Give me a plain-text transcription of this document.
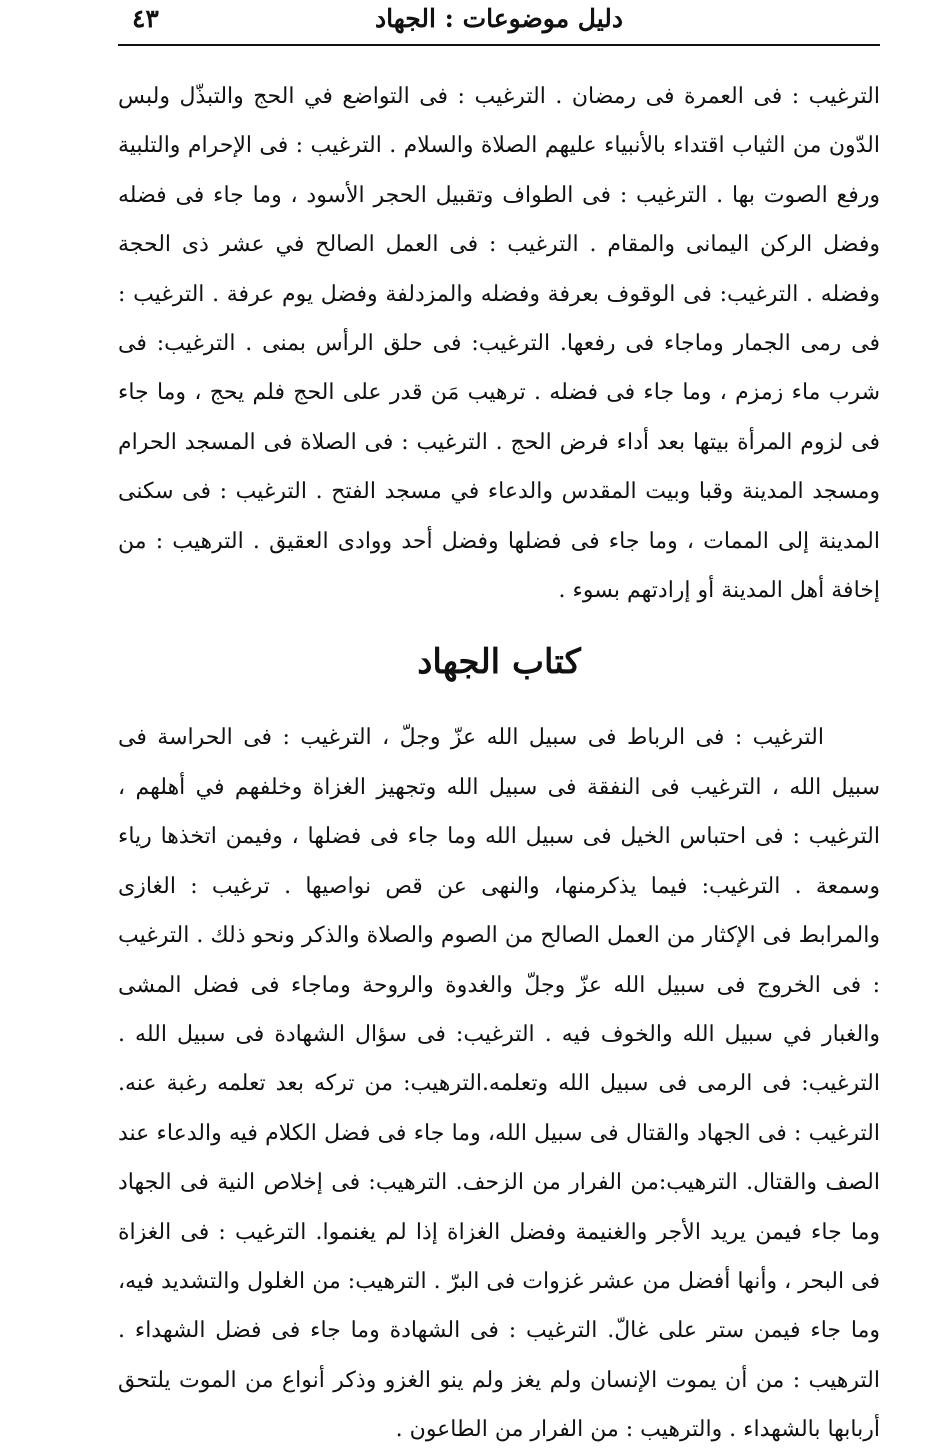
دليل موضوعات : الجهاد
٤٣

الترغيب : فى العمرة فى رمضان . الترغيب : فى التواضع في الحج والتبذّل ولبس الدّون من الثياب اقتداء بالأنبياء عليهم الصلاة والسلام . الترغيب : فى الإحرام والتلبية ورفع الصوت بها . الترغيب : فى الطواف وتقبيل الحجر الأسود ، وما جاء فى فضله وفضل الركن اليمانى والمقام . الترغيب : فى العمل الصالح في عشر ذى الحجة وفضله . الترغيب: فى الوقوف بعرفة وفضله والمزدلفة وفضل يوم عرفة . الترغيب : فى رمى الجمار وماجاء فى رفعها. الترغيب: فى حلق الرأس بمنى . الترغيب: فى شرب ماء زمزم ، وما جاء فى فضله . ترهيب مَن قدر على الحج فلم يحج ، وما جاء فى لزوم المرأة بيتها بعد أداء فرض الحج . الترغيب : فى الصلاة فى المسجد الحرام ومسجد المدينة وقبا وبيت المقدس والدعاء في مسجد الفتح . الترغيب : فى سكنى المدينة إلى الممات ، وما جاء فى فضلها وفضل أحد ووادى العقيق . الترهيب : من إخافة أهل المدينة أو إرادتهم بسوء .

كتاب الجهاد

الترغيب : فى الرباط فى سبيل الله عزّ وجلّ ، الترغيب : فى الحراسة فى سبيل الله ، الترغيب فى النفقة فى سبيل الله وتجهيز الغزاة وخلفهم في أهلهم ، الترغيب : فى احتباس الخيل فى سبيل الله وما جاء فى فضلها ، وفيمن اتخذها رياء وسمعة . الترغيب: فيما يذكرمنها، والنهى عن قص نواصيها . ترغيب : الغازى والمرابط فى الإكثار من العمل الصالح من الصوم والصلاة والذكر ونحو ذلك . الترغيب : فى الخروج فى سبيل الله عزّ وجلّ والغدوة والروحة وماجاء فى فضل المشى والغبار في سبيل الله والخوف فيه . الترغيب: فى سؤال الشهادة فى سبيل الله . الترغيب: فى الرمى فى سبيل الله وتعلمه.الترهيب: من تركه بعد تعلمه رغبة عنه. الترغيب : فى الجهاد والقتال فى سبيل الله، وما جاء فى فضل الكلام فيه والدعاء عند الصف والقتال. الترهيب:من الفرار من الزحف. الترهيب: فى إخلاص النية فى الجهاد وما جاء فيمن يريد الأجر والغنيمة وفضل الغزاة إذا لم يغنموا. الترغيب : فى الغزاة فى البحر ، وأنها أفضل من عشر غزوات فى البرّ . الترهيب: من الغلول والتشديد فيه، وما جاء فيمن ستر على غالّ. الترغيب : فى الشهادة وما جاء فى فضل الشهداء . الترهيب : من أن يموت الإنسان ولم يغز ولم ينو الغزو وذكر أنواع من الموت يلتحق أربابها بالشهداء . والترهيب : من الفرار من الطاعون .
